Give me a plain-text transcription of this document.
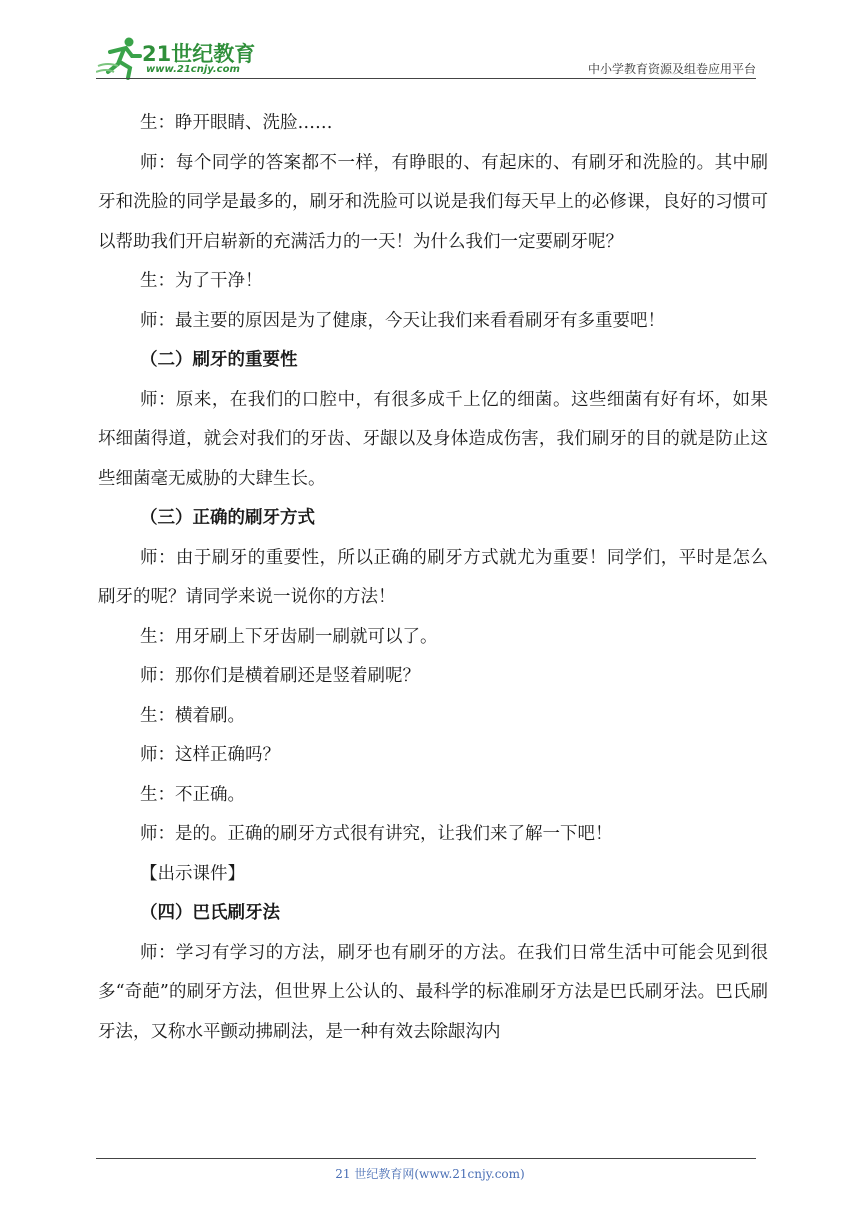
21世纪教育
www.21cnjy.com	中小学教育资源及组卷应用平台

生：睁开眼睛、洗脸……

师：每个同学的答案都不一样，有睁眼的、有起床的、有刷牙和洗脸的。其中刷牙和洗脸的同学是最多的，刷牙和洗脸可以说是我们每天早上的必修课，良好的习惯可以帮助我们开启崭新的充满活力的一天！为什么我们一定要刷牙呢？

生：为了干净！

师：最主要的原因是为了健康，今天让我们来看看刷牙有多重要吧！

（二）刷牙的重要性

师：原来，在我们的口腔中，有很多成千上亿的细菌。这些细菌有好有坏，如果坏细菌得道，就会对我们的牙齿、牙龈以及身体造成伤害，我们刷牙的目的就是防止这些细菌毫无威胁的大肆生长。

（三）正确的刷牙方式

师：由于刷牙的重要性，所以正确的刷牙方式就尤为重要！同学们，平时是怎么刷牙的呢？请同学来说一说你的方法！

生：用牙刷上下牙齿刷一刷就可以了。

师：那你们是横着刷还是竖着刷呢？

生：横着刷。

师：这样正确吗？

生：不正确。

师：是的。正确的刷牙方式很有讲究，让我们来了解一下吧！

【出示课件】

（四）巴氏刷牙法

师：学习有学习的方法，刷牙也有刷牙的方法。在我们日常生活中可能会见到很多“奇葩”的刷牙方法，但世界上公认的、最科学的标准刷牙方法是巴氏刷牙法。巴氏刷牙法，又称水平颤动拂刷法，是一种有效去除龈沟内

21 世纪教育网(www.21cnjy.com)
